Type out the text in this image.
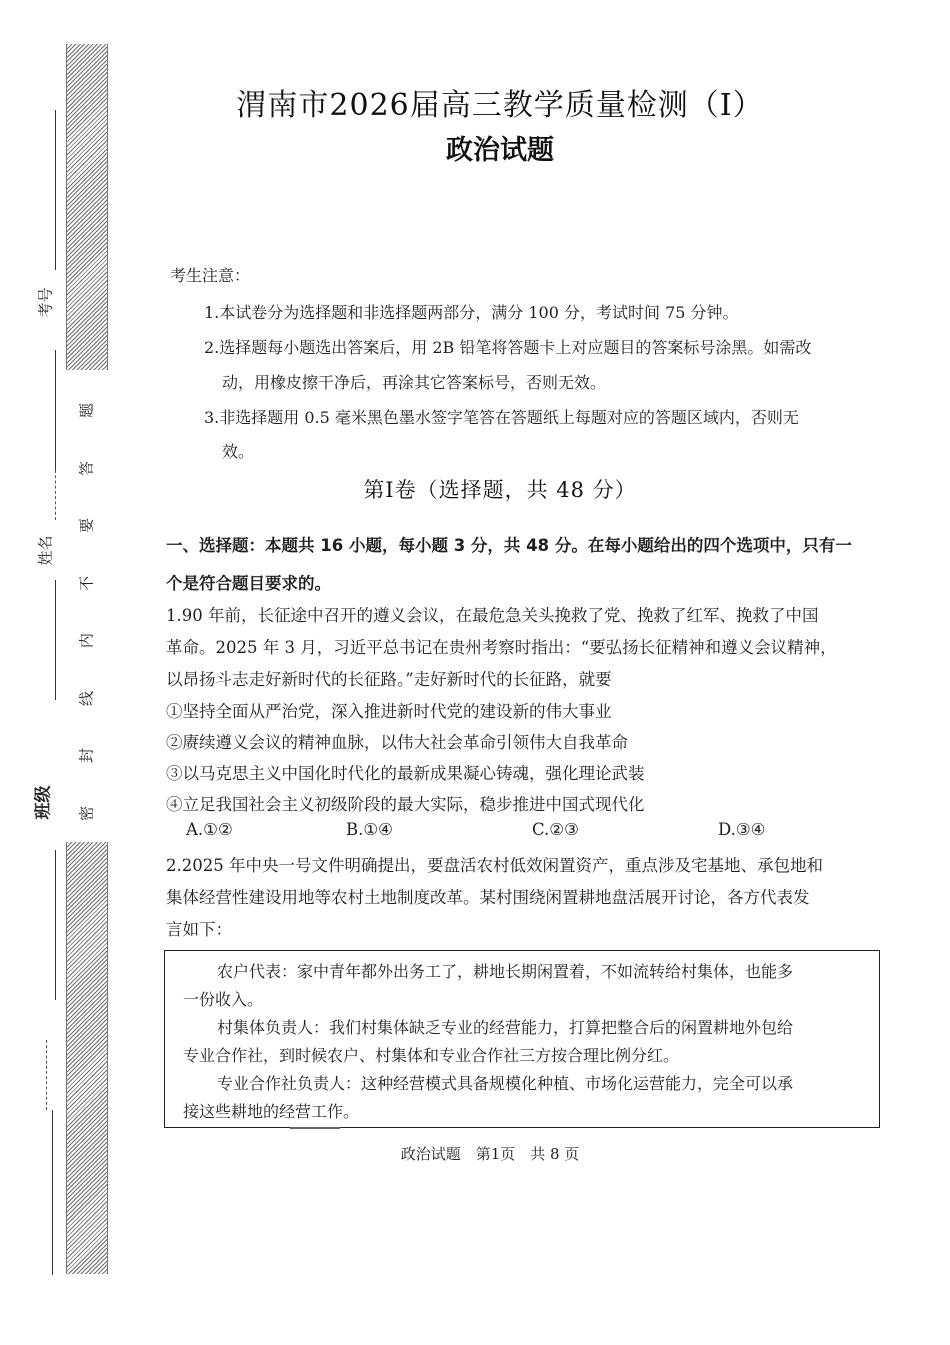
题
答
要
不
内
线
封
密
考号
姓名
班级
渭南市2026届高三教学质量检测（Ⅰ）
政治试题
考生注意：
1.本试卷分为选择题和非选择题两部分，满分 100 分，考试时间 75 分钟。
2.选择题每小题选出答案后，用 2B 铅笔将答题卡上对应题目的答案标号涂黑。如需改
动，用橡皮擦干净后，再涂其它答案标号，否则无效。
3.非选择题用 0.5 毫米黑色墨水签字笔答在答题纸上每题对应的答题区域内，否则无
效。
第Ⅰ卷（选择题，共 48 分）
一、选择题：本题共 16 小题，每小题 3 分，共 48 分。在每小题给出的四个选项中，只有一
个是符合题目要求的。
1.90 年前，长征途中召开的遵义会议，在最危急关头挽救了党、挽救了红军、挽救了中国
革命。2025 年 3 月，习近平总书记在贵州考察时指出：“要弘扬长征精神和遵义会议精神，
以昂扬斗志走好新时代的长征路。”走好新时代的长征路，就要
①坚持全面从严治党，深入推进新时代党的建设新的伟大事业
②赓续遵义会议的精神血脉，以伟大社会革命引领伟大自我革命
③以马克思主义中国化时代化的最新成果凝心铸魂，强化理论武装
④立足我国社会主义初级阶段的最大实际，稳步推进中国式现代化
A.①②	B.①④	C.②③	D.③④
2.2025 年中央一号文件明确提出，要盘活农村低效闲置资产，重点涉及宅基地、承包地和
集体经营性建设用地等农村土地制度改革。某村围绕闲置耕地盘活展开讨论，各方代表发
言如下：
农户代表：家中青年都外出务工了，耕地长期闲置着，不如流转给村集体，也能多
一份收入。
村集体负责人：我们村集体缺乏专业的经营能力，打算把整合后的闲置耕地外包给
专业合作社，到时候农户、村集体和专业合作社三方按合理比例分红。
专业合作社负责人：这种经营模式具备规模化种植、市场化运营能力，完全可以承
接这些耕地的经营工作。
政治试题　第1页　共 8 页
